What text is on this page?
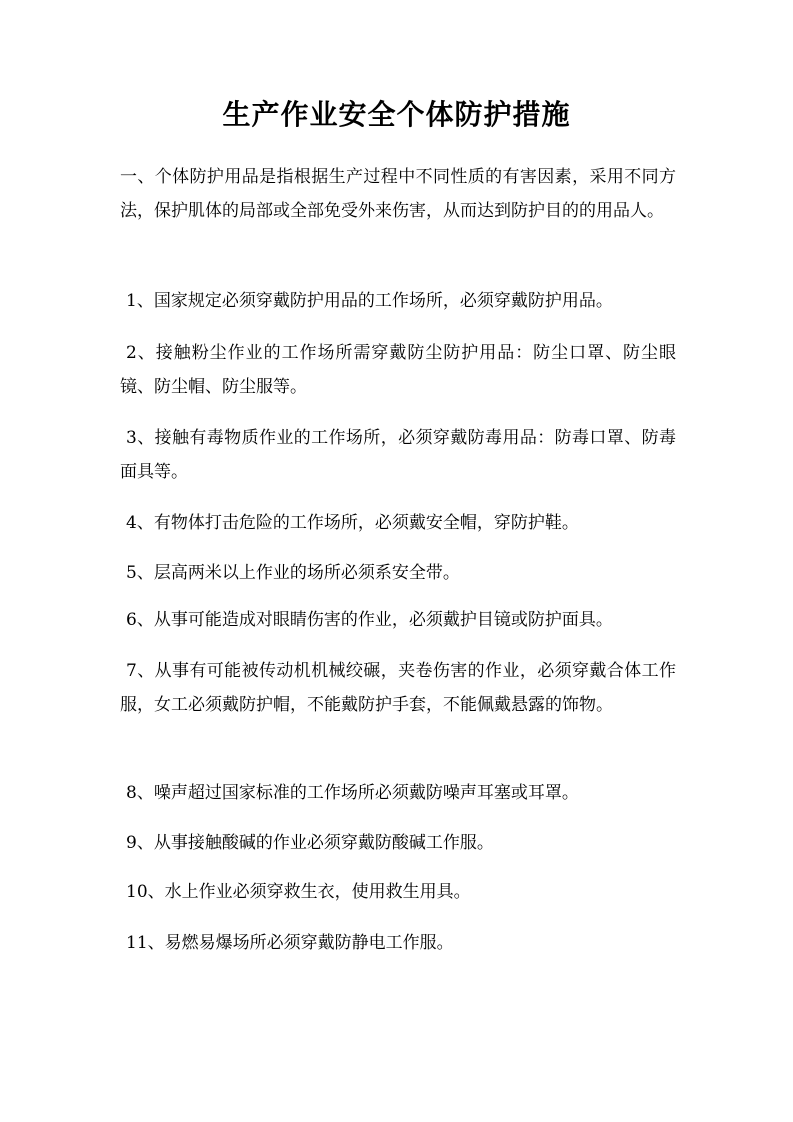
生产作业安全个体防护措施

一、个体防护用品是指根据生产过程中不同性质的有害因素，采用不同方法，保护肌体的局部或全部免受外来伤害，从而达到防护目的的用品人。

1、国家规定必须穿戴防护用品的工作场所，必须穿戴防护用品。

2、接触粉尘作业的工作场所需穿戴防尘防护用品：防尘口罩、防尘眼镜、防尘帽、防尘服等。

3、接触有毒物质作业的工作场所，必须穿戴防毒用品：防毒口罩、防毒面具等。

4、有物体打击危险的工作场所，必须戴安全帽，穿防护鞋。

5、层高两米以上作业的场所必须系安全带。

6、从事可能造成对眼睛伤害的作业，必须戴护目镜或防护面具。

7、从事有可能被传动机机械绞碾，夹卷伤害的作业，必须穿戴合体工作服，女工必须戴防护帽，不能戴防护手套，不能佩戴悬露的饰物。

8、噪声超过国家标准的工作场所必须戴防噪声耳塞或耳罩。

9、从事接触酸碱的作业必须穿戴防酸碱工作服。

10、水上作业必须穿救生衣，使用救生用具。

11、易燃易爆场所必须穿戴防静电工作服。
